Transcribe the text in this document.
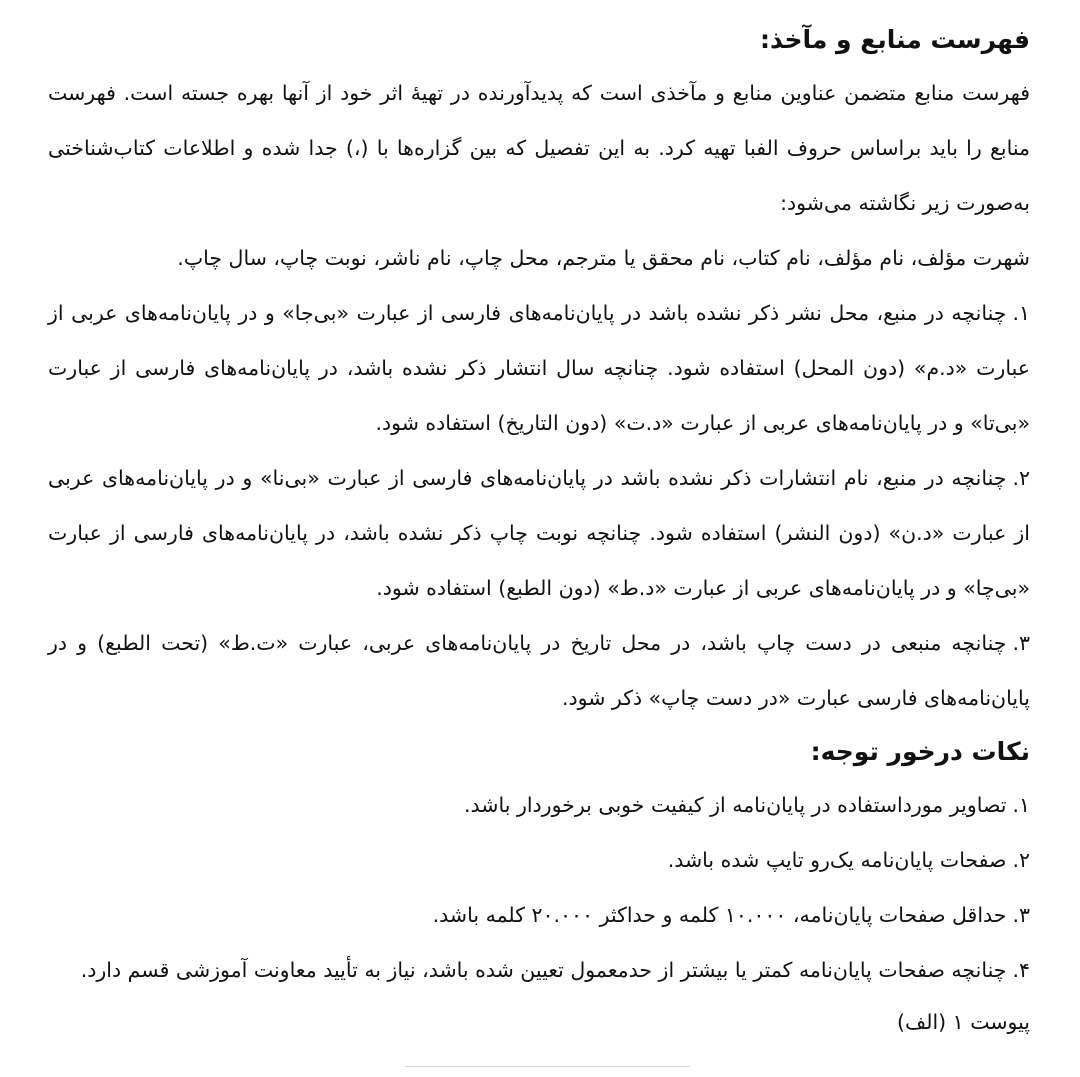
فهرست منابع و مآخذ:

فهرست منابع متضمن عناوین منابع و مآخذی است که پدیدآورنده در تهیهٔ اثر خود از آنها بهره جسته است. فهرست منابع را باید براساس حروف الفبا تهیه کرد. به این تفصیل که بین گزاره‌ها با (،) جدا شده و اطلاعات کتاب‌شناختی به‌صورت زیر نگاشته می‌شود:

شهرت مؤلف، نام مؤلف، نام کتاب، نام محقق یا مترجم، محل چاپ، نام ناشر، نوبت چاپ، سال چاپ.

۱.چنانچه در منبع، محل نشر ذکر نشده باشد در پایان‌نامه‌های فارسی از عبارت «بی‌جا» و در پایان‌نامه‌های عربی از عبارت «د.م» (دون المحل) استفاده شود. چنانچه سال انتشار ذکر نشده باشد، در پایان‌نامه‌های فارسی از عبارت «بی‌تا» و در پایان‌نامه‌های عربی از عبارت «د.ت» (دون التاریخ) استفاده شود.

۲.چنانچه در منبع، نام انتشارات ذکر نشده باشد در پایان‌نامه‌های فارسی از عبارت «بی‌نا» و در پایان‌نامه‌های عربی از عبارت «د.ن» (دون النشر) استفاده شود. چنانچه نوبت چاپ ذکر نشده باشد، در پایان‌نامه‌های فارسی از عبارت «بی‌چا» و در پایان‌نامه‌های عربی از عبارت «د.ط» (دون الطبع) استفاده شود.

۳.چنانچه منبعی در دست چاپ باشد، در محل تاریخ در پایان‌نامه‌های عربی، عبارت «ت.ط» (تحت الطبع) و در پایان‌نامه‌های فارسی عبارت «در دست چاپ» ذکر شود.

نکات درخور توجه:

۱.تصاویر مورداستفاده در پایان‌نامه از کیفیت خوبی برخوردار باشد.

۲.صفحات پایان‌نامه یک‌رو تایپ شده باشد.

۳.حداقل صفحات پایان‌نامه، ۱۰.۰۰۰ کلمه و حداکثر ۲۰.۰۰۰ کلمه باشد.

۴.چنانچه صفحات پایان‌نامه کمتر یا بیشتر از حدمعمول تعیین شده باشد، نیاز به تأیید معاونت آموزشی قسم دارد.

پیوست ۱ (الف)
